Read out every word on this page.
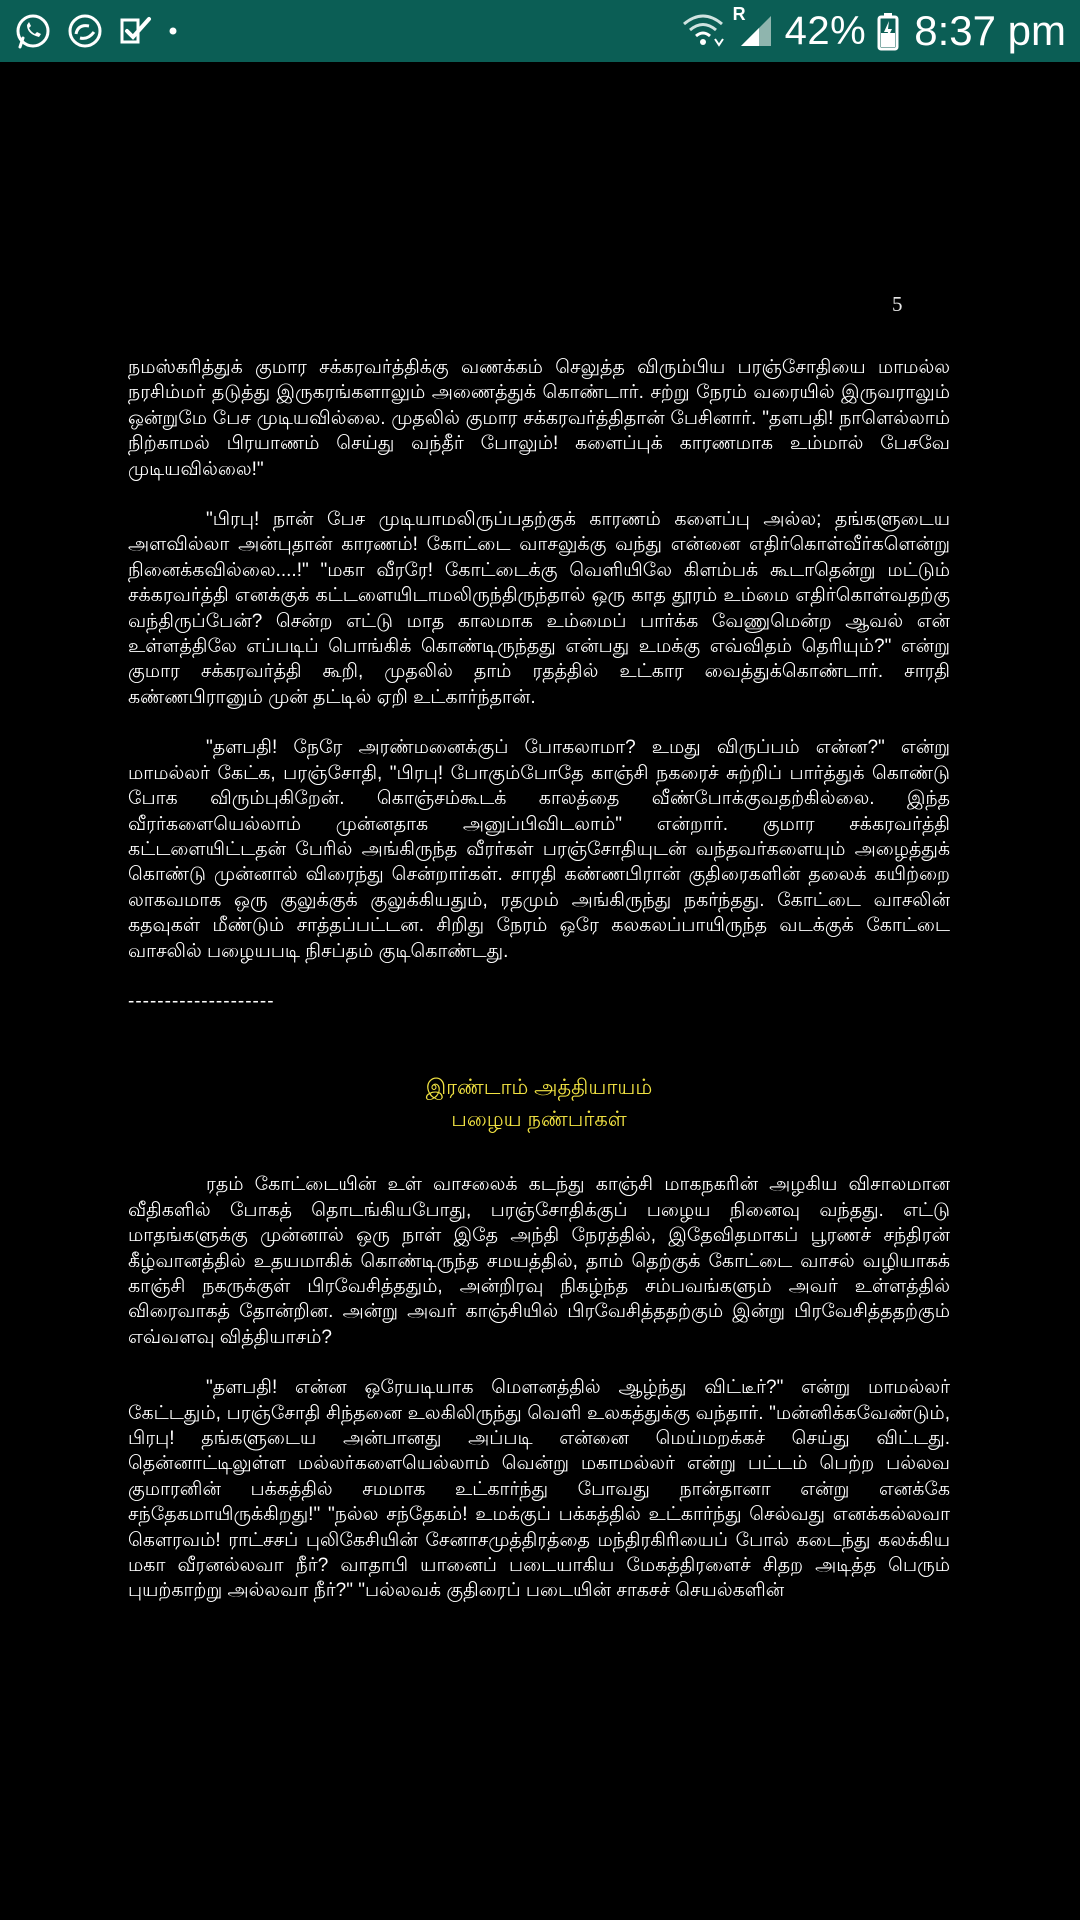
R 42% 8:37 pm
5

நமஸ்கரித்துக் குமார சக்கரவர்த்திக்கு வணக்கம் செலுத்த விரும்பிய பரஞ்சோதியை மாமல்ல நரசிம்மர் தடுத்து இருகரங்களாலும் அணைத்துக் கொண்டார். சற்று நேரம் வரையில் இருவராலும் ஒன்றுமே பேச முடியவில்லை. முதலில் குமார சக்கரவர்த்திதான் பேசினார். "தளபதி! நாளெல்லாம் நிற்காமல் பிரயாணம் செய்து வந்தீர் போலும்! களைப்புக் காரணமாக உம்மால் பேசவே முடியவில்லை!"

"பிரபு! நான் பேச முடியாமலிருப்பதற்குக் காரணம் களைப்பு அல்ல; தங்களுடைய அளவில்லா அன்புதான் காரணம்! கோட்டை வாசலுக்கு வந்து என்னை எதிர்கொள்வீர்களென்று நினைக்கவில்லை....!" "மகா வீரரே! கோட்டைக்கு வெளியிலே கிளம்பக் கூடாதென்று மட்டும் சக்கரவர்த்தி எனக்குக் கட்டளையிடாமலிருந்திருந்தால் ஒரு காத தூரம் உம்மை எதிர்கொள்வதற்கு வந்திருப்பேன்? சென்ற எட்டு மாத காலமாக உம்மைப் பார்க்க வேணுமென்ற ஆவல் என் உள்ளத்திலே எப்படிப் பொங்கிக் கொண்டிருந்தது என்பது உமக்கு எவ்விதம் தெரியும்?" என்று குமார சக்கரவர்த்தி கூறி, முதலில் தாம் ரதத்தில் உட்கார வைத்துக்கொண்டார். சாரதி கண்ணபிரானும் முன் தட்டில் ஏறி உட்கார்ந்தான்.

"தளபதி! நேரே அரண்மனைக்குப் போகலாமா? உமது விருப்பம் என்ன?" என்று மாமல்லர் கேட்க, பரஞ்சோதி, "பிரபு! போகும்போதே காஞ்சி நகரைச் சுற்றிப் பார்த்துக் கொண்டு போக விரும்புகிறேன். கொஞ்சம்கூடக் காலத்தை வீண்போக்குவதற்கில்லை. இந்த வீரர்களையெல்லாம் முன்னதாக அனுப்பிவிடலாம்" என்றார். குமார சக்கரவர்த்தி கட்டளையிட்டதன் பேரில் அங்கிருந்த வீரர்கள் பரஞ்சோதியுடன் வந்தவர்களையும் அழைத்துக் கொண்டு முன்னால் விரைந்து சென்றார்கள். சாரதி கண்ணபிரான் குதிரைகளின் தலைக் கயிற்றை லாகவமாக ஒரு குலுக்குக் குலுக்கியதும், ரதமும் அங்கிருந்து நகர்ந்தது. கோட்டை வாசலின் கதவுகள் மீண்டும் சாத்தப்பட்டன. சிறிது நேரம் ஒரே கலகலப்பாயிருந்த வடக்குக் கோட்டை வாசலில் பழையபடி நிசப்தம் குடிகொண்டது.

--------------------
இரண்டாம் அத்தியாயம்
பழைய நண்பர்கள்

ரதம் கோட்டையின் உள் வாசலைக் கடந்து காஞ்சி மாகநகரின் அழகிய விசாலமான வீதிகளில் போகத் தொடங்கியபோது, பரஞ்சோதிக்குப் பழைய நினைவு வந்தது. எட்டு மாதங்களுக்கு முன்னால் ஒரு நாள் இதே அந்தி நேரத்தில், இதேவிதமாகப் பூரணச் சந்திரன் கீழ்வானத்தில் உதயமாகிக் கொண்டிருந்த சமயத்தில், தாம் தெற்குக் கோட்டை வாசல் வழியாகக் காஞ்சி நகருக்குள் பிரவேசித்ததும், அன்றிரவு நிகழ்ந்த சம்பவங்களும் அவர் உள்ளத்தில் விரைவாகத் தோன்றின. அன்று அவர் காஞ்சியில் பிரவேசித்ததற்கும் இன்று பிரவேசித்ததற்கும் எவ்வளவு வித்தியாசம்?

"தளபதி! என்ன ஒரேயடியாக மௌனத்தில் ஆழ்ந்து விட்டீர்?" என்று மாமல்லர் கேட்டதும், பரஞ்சோதி சிந்தனை உலகிலிருந்து வெளி உலகத்துக்கு வந்தார். "மன்னிக்கவேண்டும், பிரபு! தங்களுடைய அன்பானது அப்படி என்னை மெய்மறக்கச் செய்து விட்டது. தென்னாட்டிலுள்ள மல்லர்களையெல்லாம் வென்று மகாமல்லர் என்று பட்டம் பெற்ற பல்லவ குமாரனின் பக்கத்தில் சமமாக உட்கார்ந்து போவது நான்தானா என்று எனக்கே சந்தேகமாயிருக்கிறது!" "நல்ல சந்தேகம்! உமக்குப் பக்கத்தில் உட்கார்ந்து செல்வது எனக்கல்லவா கௌரவம்! ராட்சசப் புலிகேசியின் சேனாசமுத்திரத்தை மந்திரகிரியைப் போல் கடைந்து கலக்கிய மகா வீரனல்லவா நீர்? வாதாபி யானைப் படையாகிய மேகத்திரளைச் சிதற அடித்த பெரும் புயற்காற்று அல்லவா நீர்?" "பல்லவக் குதிரைப் படையின் சாகசச் செயல்களின்
